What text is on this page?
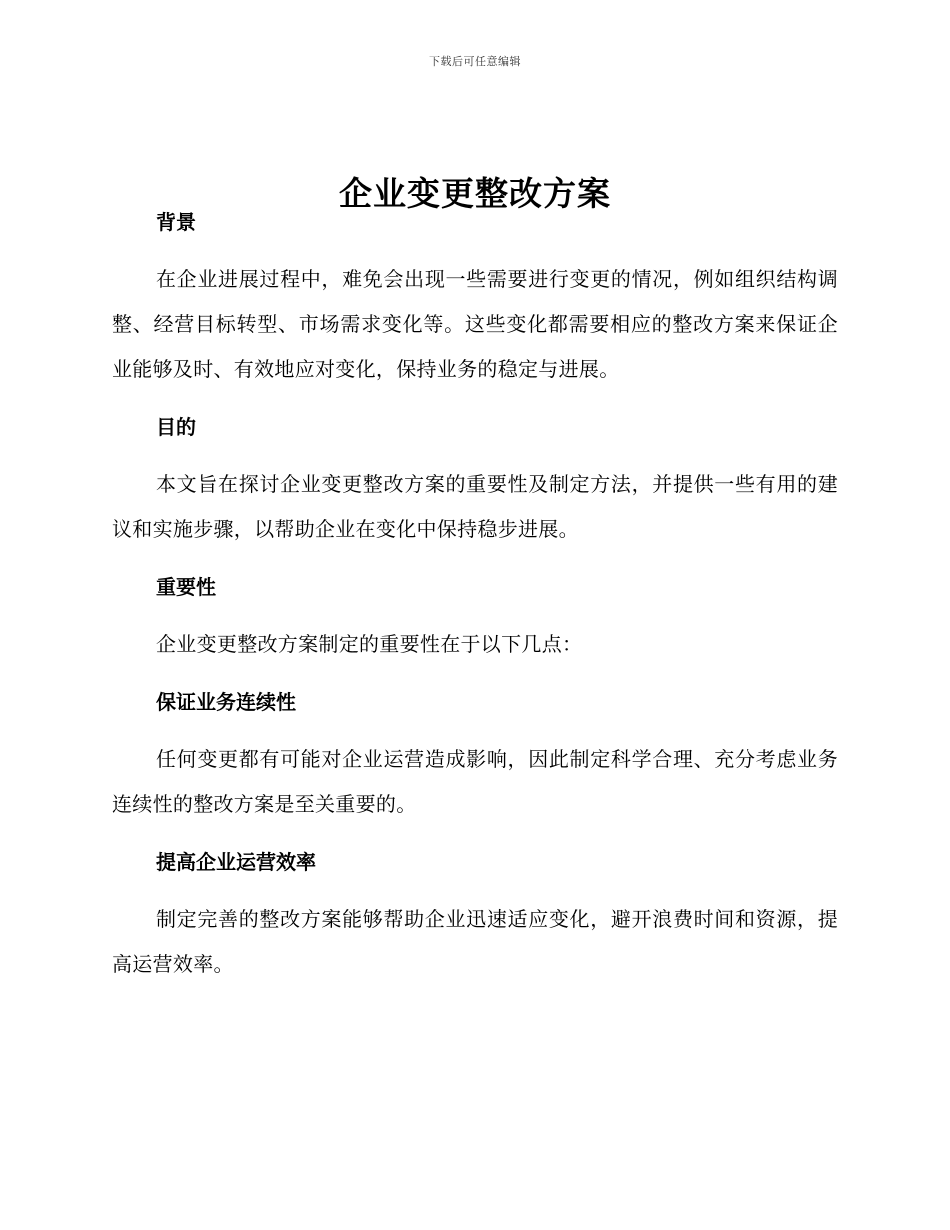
下载后可任意编辑
企业变更整改方案
背景

在企业进展过程中，难免会出现一些需要进行变更的情况，例如组织结构调整、经营目标转型、市场需求变化等。这些变化都需要相应的整改方案来保证企业能够及时、有效地应对变化，保持业务的稳定与进展。

目的

本文旨在探讨企业变更整改方案的重要性及制定方法，并提供一些有用的建议和实施步骤，以帮助企业在变化中保持稳步进展。

重要性

企业变更整改方案制定的重要性在于以下几点：

保证业务连续性

任何变更都有可能对企业运营造成影响，因此制定科学合理、充分考虑业务连续性的整改方案是至关重要的。

提高企业运营效率

制定完善的整改方案能够帮助企业迅速适应变化，避开浪费时间和资源，提高运营效率。
